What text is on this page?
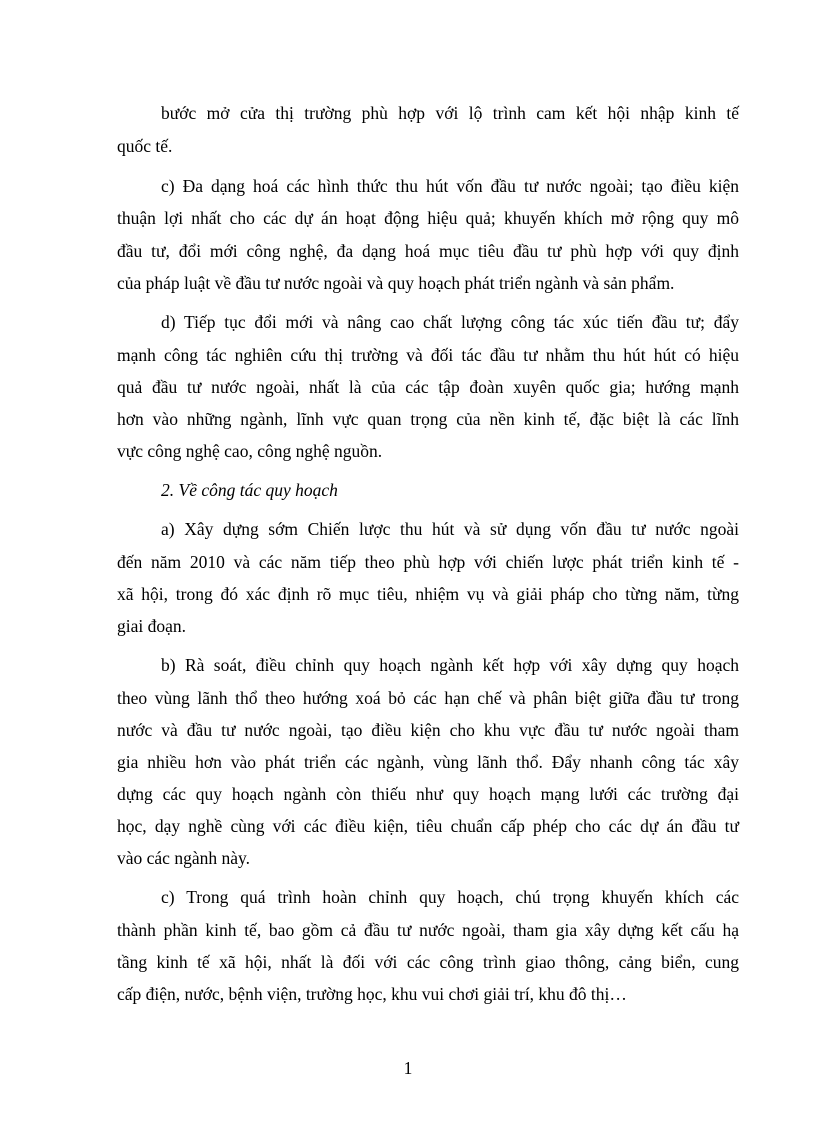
bước mở cửa thị trường phù hợp với lộ trình cam kết hội nhập kinh tế
quốc tế.
c) Đa dạng hoá các hình thức thu hút vốn đầu tư nước ngoài; tạo điều kiện
thuận lợi nhất cho các dự án hoạt động hiệu quả; khuyến khích mở rộng quy mô
đầu tư, đổi mới công nghệ, đa dạng hoá mục tiêu đầu tư phù hợp với quy định
của pháp luật về đầu tư nước ngoài và quy hoạch phát triển ngành và sản phẩm.
d) Tiếp tục đổi mới và nâng cao chất lượng công tác xúc tiến đầu tư; đẩy
mạnh công tác nghiên cứu thị trường và đối tác đầu tư nhằm thu hút hút có hiệu
quả đầu tư nước ngoài, nhất là của các tập đoàn xuyên quốc gia; hướng mạnh
hơn vào những ngành, lĩnh vực quan trọng của nền kinh tế, đặc biệt là các lĩnh
vực công nghệ cao, công nghệ nguồn.
2. Về công tác quy hoạch
a) Xây dựng sớm Chiến lược thu hút và sử dụng vốn đầu tư nước ngoài
đến năm 2010 và các năm tiếp theo phù hợp với chiến lược phát triển kinh tế -
xã hội, trong đó xác định rõ mục tiêu, nhiệm vụ và giải pháp cho từng năm, từng
giai đoạn.
b) Rà soát, điều chỉnh quy hoạch ngành kết hợp với xây dựng quy hoạch
theo vùng lãnh thổ theo hướng xoá bỏ các hạn chế và phân biệt giữa đầu tư trong
nước và đầu tư nước ngoài, tạo điều kiện cho khu vực đầu tư nước ngoài tham
gia nhiều hơn vào phát triển các ngành, vùng lãnh thổ. Đẩy nhanh công tác xây
dựng các quy hoạch ngành còn thiếu như quy hoạch mạng lưới các trường đại
học, dạy nghề cùng với các điều kiện, tiêu chuẩn cấp phép cho các dự án đầu tư
vào các ngành này.
c) Trong quá trình hoàn chỉnh quy hoạch, chú trọng khuyến khích các
thành phần kinh tế, bao gồm cả đầu tư nước ngoài, tham gia xây dựng kết cấu hạ
tầng kinh tế xã hội, nhất là đối với các công trình giao thông, cảng biển, cung
cấp điện, nước, bệnh viện, trường học, khu vui chơi giải trí, khu đô thị…
1
